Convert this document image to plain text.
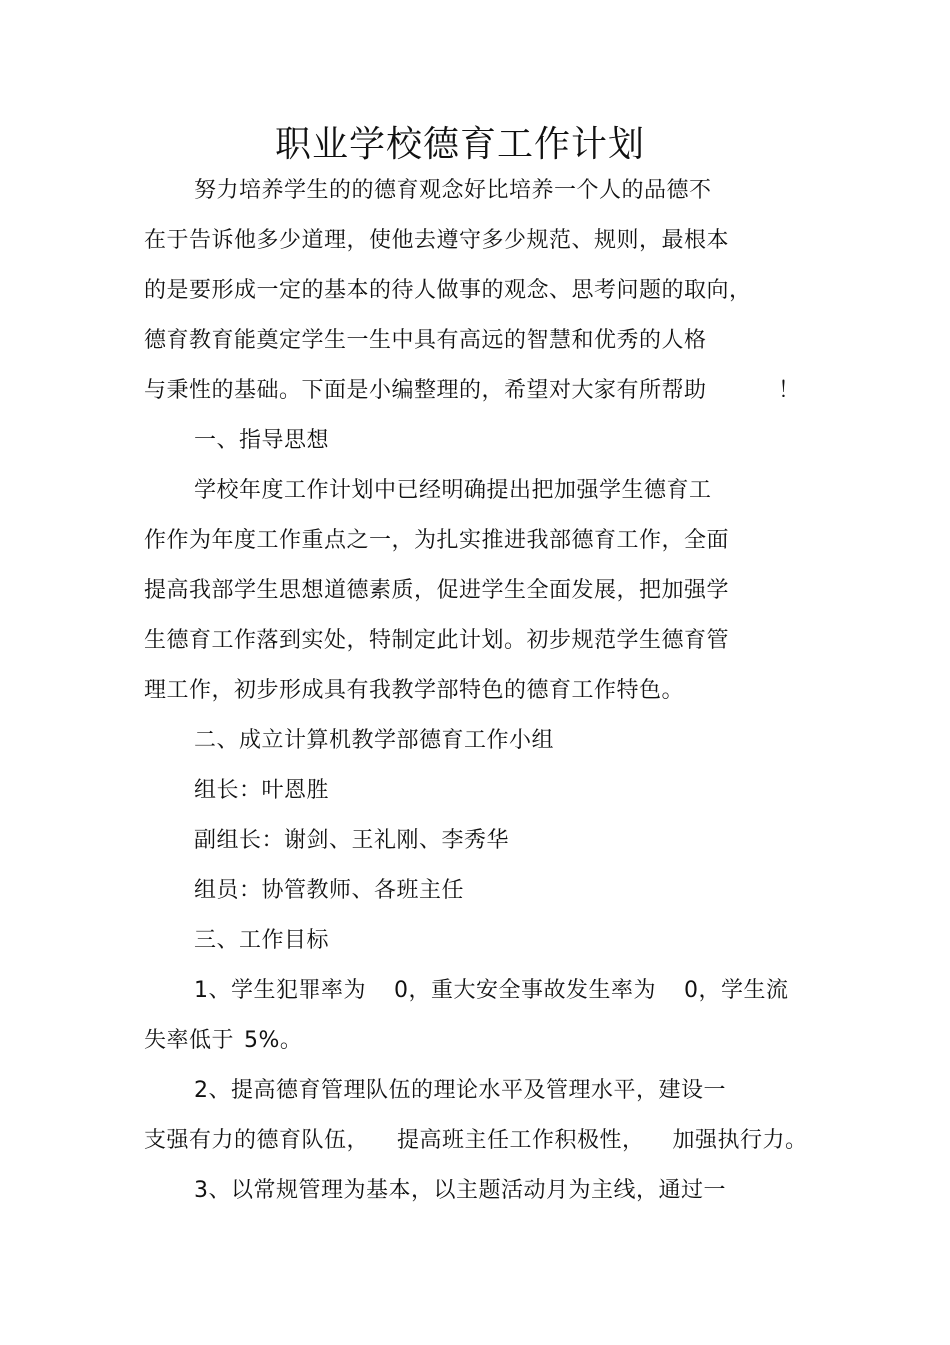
职业学校德育工作计划
努力培养学生的的德育观念好比培养一个人的品德不
在于告诉他多少道理，使他去遵守多少规范、规则，最根本
的是要形成一定的基本的待人做事的观念、思考问题的取向，
德育教育能奠定学生一生中具有高远的智慧和优秀的人格
与秉性的基础。下面是小编整理的，希望对大家有所帮助	！
一、指导思想
学校年度工作计划中已经明确提出把加强学生德育工
作作为年度工作重点之一，为扎实推进我部德育工作，全面
提高我部学生思想道德素质，促进学生全面发展，把加强学
生德育工作落到实处，特制定此计划。初步规范学生德育管
理工作，初步形成具有我教学部特色的德育工作特色。
二、成立计算机教学部德育工作小组
组长：叶恩胜
副组长：谢剑、王礼刚、李秀华
组员：协管教师、各班主任
三、工作目标
1、学生犯罪率为 0，重大安全事故发生率为 0，学生流
失率低于 5%。
2、提高德育管理队伍的理论水平及管理水平，建设一
支强有力的德育队伍， 提高班主任工作积极性， 加强执行力。
3、以常规管理为基本，以主题活动月为主线，通过一
